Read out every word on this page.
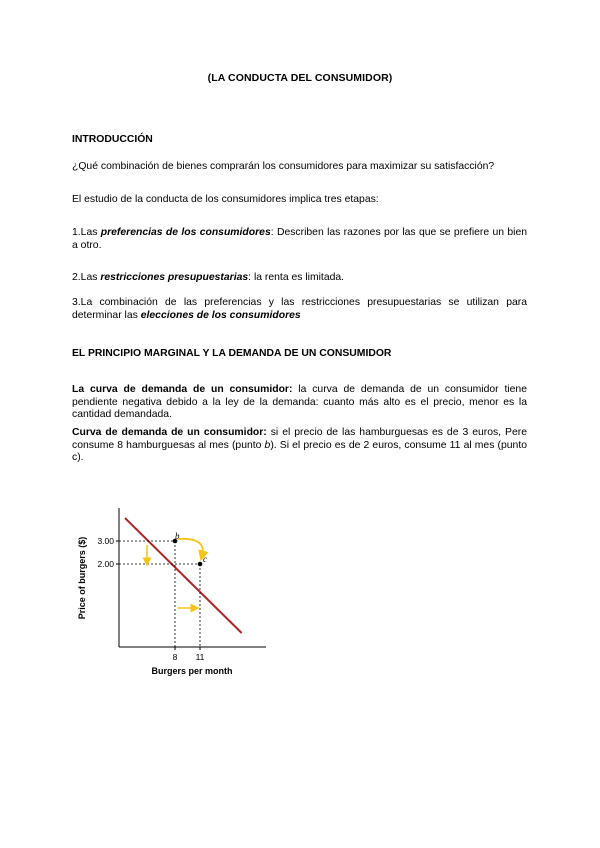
(LA CONDUCTA DEL CONSUMIDOR)
INTRODUCCIÓN
¿Qué combinación de bienes comprarán los consumidores para maximizar su satisfacción?
El estudio de la conducta de los consumidores implica tres etapas:
1.Las preferencias de los consumidores: Describen las razones por las que se prefiere un bien a otro.
2.Las restricciones presupuestarias: la renta es limitada.
3.La combinación de las preferencias y las restricciones presupuestarias se utilizan para determinar las elecciones de los consumidores
EL PRINCIPIO MARGINAL Y LA DEMANDA DE UN CONSUMIDOR
La curva de demanda de un consumidor: la curva de demanda de un consumidor tiene pendiente negativa debido a la ley de la demanda: cuanto más alto es el precio, menor es la cantidad demandada.
Curva de demanda de un consumidor: si el precio de las hamburguesas es de 3 euros, Pere consume 8 hamburguesas al mes (punto b). Si el precio es de 2 euros, consume 11 al mes (punto c).
b
c
3.00
2.00
8 11
Burgers per month
Price of burgers ($)
